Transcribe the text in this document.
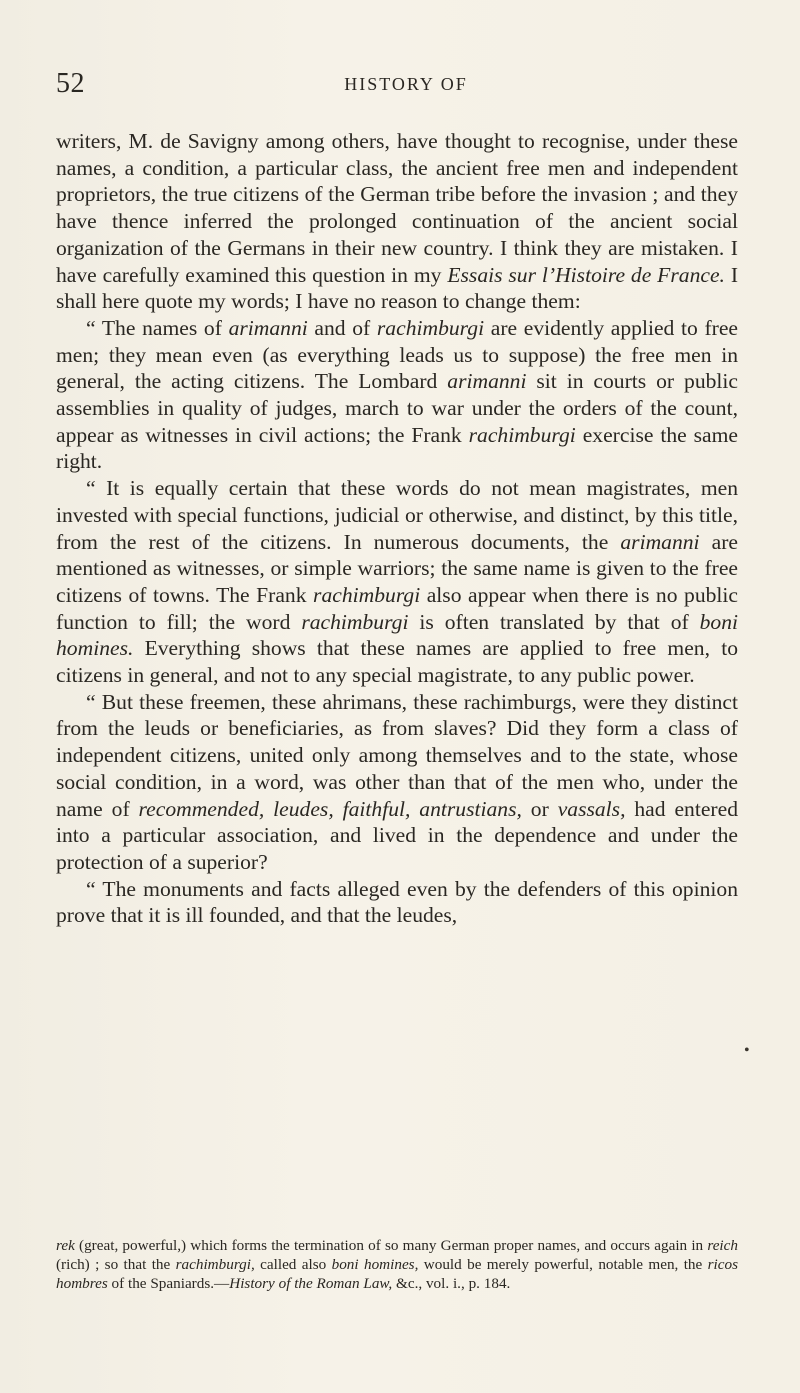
52	HISTORY OF

writers, M. de Savigny among others, have thought to recognise, under these names, a condition, a particular class, the ancient free men and independent proprietors, the true citizens of the German tribe before the invasion ; and they have thence inferred the prolonged continuation of the ancient social organization of the Germans in their new country. I think they are mistaken. I have carefully examined this question in my Essais sur l’Histoire de France. I shall here quote my words; I have no reason to change them:

“ The names of arimanni and of rachimburgi are evidently applied to free men; they mean even (as everything leads us to suppose) the free men in general, the acting citizens. The Lombard arimanni sit in courts or public assemblies in quality of judges, march to war under the orders of the count, appear as witnesses in civil actions; the Frank rachimburgi exercise the same right.

“ It is equally certain that these words do not mean magistrates, men invested with special functions, judicial or otherwise, and distinct, by this title, from the rest of the citizens. In numerous documents, the arimanni are mentioned as witnesses, or simple warriors; the same name is given to the free citizens of towns. The Frank rachimburgi also appear when there is no public function to fill; the word rachimburgi is often translated by that of boni homines. Everything shows that these names are applied to free men, to citizens in general, and not to any special magistrate, to any public power.

“ But these freemen, these ahrimans, these rachimburgs, were they distinct from the leuds or beneficiaries, as from slaves? Did they form a class of independent citizens, united only among themselves and to the state, whose social condition, in a word, was other than that of the men who, under the name of recommended, leudes, faithful, antrustians, or vassals, had entered into a particular association, and lived in the dependence and under the protection of a superior?

“ The monuments and facts alleged even by the defenders of this opinion prove that it is ill founded, and that the leudes,

•

rek (great, powerful,) which forms the termination of so many German proper names, and occurs again in reich (rich) ; so that the rachimburgi, called also boni homines, would be merely powerful, notable men, the ricos hombres of the Spaniards.—History of the Roman Law, &c., vol. i., p. 184.
